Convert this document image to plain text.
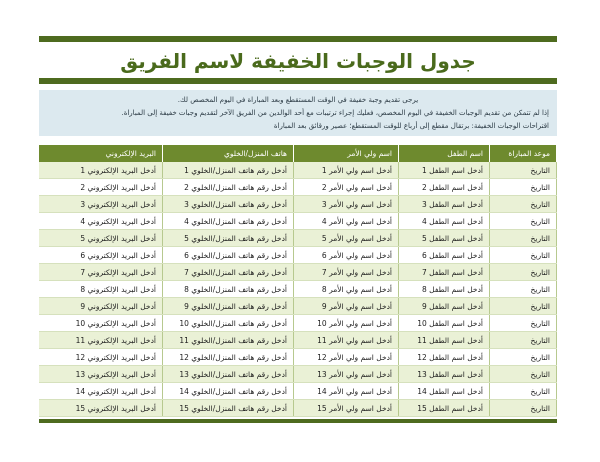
جدول الوجبات الخفيفة لاسم الفريق
يرجى تقديم وجبة خفيفة في الوقت المستقطع وبعد المباراة في اليوم المخصص لك.
إذا لم تتمكن من تقديم الوجبات الخفيفة في اليوم المخصص، فعليك إجراء ترتيبات مع أحد الوالدين من الفريق الآخر لتقديم وجبات خفيفة إلى المباراة.
اقتراحات الوجبات الخفيفة: برتقال مقطع إلى أرباع للوقت المستقطع؛ عصير ورقائق بعد المباراة
موعد المباراة	اسم الطفل	اسم ولي الأمر	هاتف المنزل/الخلوي	البريد الإلكتروني
التاريخ	أدخل اسم الطفل 1	أدخل اسم ولي الأمر 1	أدخل رقم هاتف المنزل/الخلوي 1	أدخل البريد الإلكتروني 1
التاريخ	أدخل اسم الطفل 2	أدخل اسم ولي الأمر 2	أدخل رقم هاتف المنزل/الخلوي 2	أدخل البريد الإلكتروني 2
التاريخ	أدخل اسم الطفل 3	أدخل اسم ولي الأمر 3	أدخل رقم هاتف المنزل/الخلوي 3	أدخل البريد الإلكتروني 3
التاريخ	أدخل اسم الطفل 4	أدخل اسم ولي الأمر 4	أدخل رقم هاتف المنزل/الخلوي 4	أدخل البريد الإلكتروني 4
التاريخ	أدخل اسم الطفل 5	أدخل اسم ولي الأمر 5	أدخل رقم هاتف المنزل/الخلوي 5	أدخل البريد الإلكتروني 5
التاريخ	أدخل اسم الطفل 6	أدخل اسم ولي الأمر 6	أدخل رقم هاتف المنزل/الخلوي 6	أدخل البريد الإلكتروني 6
التاريخ	أدخل اسم الطفل 7	أدخل اسم ولي الأمر 7	أدخل رقم هاتف المنزل/الخلوي 7	أدخل البريد الإلكتروني 7
التاريخ	أدخل اسم الطفل 8	أدخل اسم ولي الأمر 8	أدخل رقم هاتف المنزل/الخلوي 8	أدخل البريد الإلكتروني 8
التاريخ	أدخل اسم الطفل 9	أدخل اسم ولي الأمر 9	أدخل رقم هاتف المنزل/الخلوي 9	أدخل البريد الإلكتروني 9
التاريخ	أدخل اسم الطفل 10	أدخل اسم ولي الأمر 10	أدخل رقم هاتف المنزل/الخلوي 10	أدخل البريد الإلكتروني 10
التاريخ	أدخل اسم الطفل 11	أدخل اسم ولي الأمر 11	أدخل رقم هاتف المنزل/الخلوي 11	أدخل البريد الإلكتروني 11
التاريخ	أدخل اسم الطفل 12	أدخل اسم ولي الأمر 12	أدخل رقم هاتف المنزل/الخلوي 12	أدخل البريد الإلكتروني 12
التاريخ	أدخل اسم الطفل 13	أدخل اسم ولي الأمر 13	أدخل رقم هاتف المنزل/الخلوي 13	أدخل البريد الإلكتروني 13
التاريخ	أدخل اسم الطفل 14	أدخل اسم ولي الأمر 14	أدخل رقم هاتف المنزل/الخلوي 14	أدخل البريد الإلكتروني 14
التاريخ	أدخل اسم الطفل 15	أدخل اسم ولي الأمر 15	أدخل رقم هاتف المنزل/الخلوي 15	أدخل البريد الإلكتروني 15
